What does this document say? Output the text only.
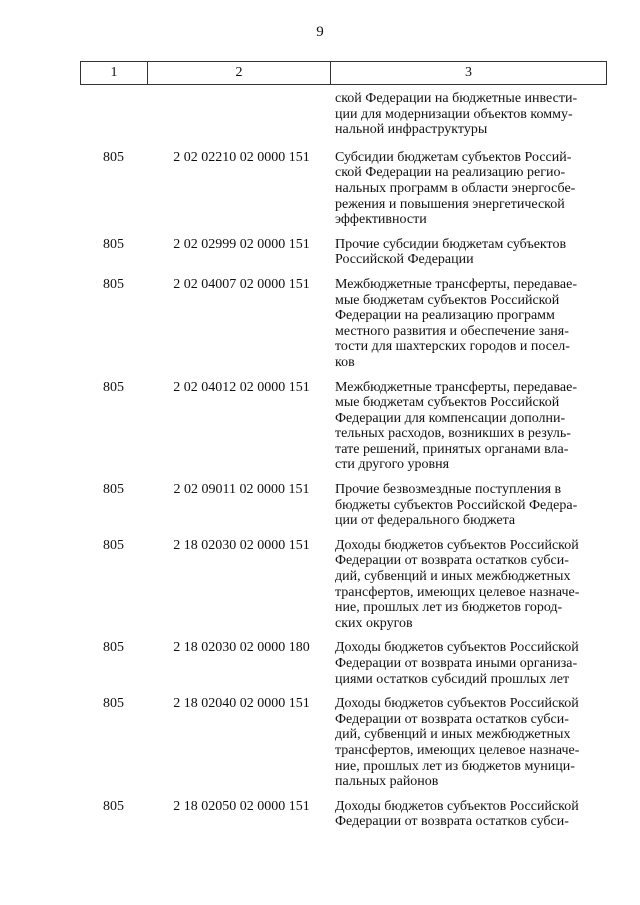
9
1	2	3
ской Федерации на бюджетные инвести-
ции для модернизации объектов комму-
нальной инфраструктуры
805	2 02 02210 02 0000 151	Субсидии бюджетам субъектов Россий-
ской Федерации на реализацию регио-
нальных программ в области энергосбе-
режения и повышения энергетической
эффективности
805	2 02 02999 02 0000 151	Прочие субсидии бюджетам субъектов
Российской Федерации
805	2 02 04007 02 0000 151	Межбюджетные трансферты, передавае-
мые бюджетам субъектов Российской
Федерации на реализацию программ
местного развития и обеспечение заня-
тости для шахтерских городов и посел-
ков
805	2 02 04012 02 0000 151	Межбюджетные трансферты, передавае-
мые бюджетам субъектов Российской
Федерации для компенсации дополни-
тельных расходов, возникших в резуль-
тате решений, принятых органами вла-
сти другого уровня
805	2 02 09011 02 0000 151	Прочие безвозмездные поступления в
бюджеты субъектов Российской Федера-
ции от федерального бюджета
805	2 18 02030 02 0000 151	Доходы бюджетов субъектов Российской
Федерации от возврата остатков субси-
дий, субвенций и иных межбюджетных
трансфертов, имеющих целевое назначе-
ние, прошлых лет из бюджетов город-
ских округов
805	2 18 02030 02 0000 180	Доходы бюджетов субъектов Российской
Федерации от возврата иными организа-
циями остатков субсидий прошлых лет
805	2 18 02040 02 0000 151	Доходы бюджетов субъектов Российской
Федерации от возврата остатков субси-
дий, субвенций и иных межбюджетных
трансфертов, имеющих целевое назначе-
ние, прошлых лет из бюджетов муници-
пальных районов
805	2 18 02050 02 0000 151	Доходы бюджетов субъектов Российской
Федерации от возврата остатков субси-
